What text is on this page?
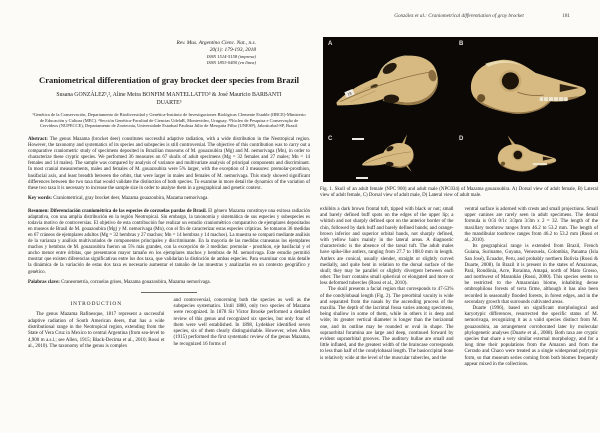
González et al.: Craniometrical differentiation of gray brocket	181
Rev. Mus. Argentino Cienc. Nat., n.s.
20(1): 179-193, 2018
ISSN 1514-5158 (impresa)
ISSN 1853-0400 (en línea)
Craniometrical differentiation of gray brocket deer species from Brazil
Susana GONZÁLEZ¹,², Aline Meira BONFIM MANTELLATTO³ & José Mauricio BARBANTI DUARTE³
¹Genética de la Conservación, Departamento de Biodiversidad y Genética-Instituto de Investigaciones Biológicas Clemente Estable (IIBCE)-Ministerio de Educación y Cultura (MEC). ²Sección Genética-Facultad de Ciencias UdelaR, Montevideo, Uruguay. ³Núcleo de Pesquisa e Conservação de Cervídeos (NUPECCE), Departamento de Zootecnia, Universidade Estadual Paulista Júlio de Mesquita Filho (UNESP), Jaboticabal-SP, Brazil.

Abstract: The genus Mazama (brocket deer) constitutes successful adaptive radiation, with a wide distribution in the Neotropical region. However, the taxonomy and systematics of its species and subspecies is still controversial. The objective of this contribution was to carry out a comparative craniometric study of specimens deposited in Brazilian museums of M. gouazoubira (Mg) and M. nemorivaga (Mn), in order to characterize these cryptic species. We performed 36 measures on 67 skulls of adult specimens (Mg = 32 females and 27 males; Mn = 14 females and 14 males). The sample was compared by analysis of variance and multivariate analysis of principal components and discriminant. In most cranial measurements, males and females of M. gouazoubira were 5% larger, with the exception of 3 measures: premolar-prosthion, basifacial axis, and least breadth between the orbits, that were larger in males and females of M. nemorivaga. This study showed significant differences between the two taxa that would validate the distinction of both species. To examine in more detail the dynamics of the variation of these two taxa it is necessary to increase the sample size in order to analyse them in a geographical and genetic context.

Key words: Craniometrical, gray brocket deer, Mazama gouazoubira, Mazama nemorivaga.

Resumen: Diferenciación craniométrica de las especies de corzuelas pardas de Brasil. El género Mazama constituye una exitosa radiación adaptativa, con una amplia distribución en la región Neotropical. Sin embargo, la taxonomía y sistemática de sus especies y subespecies es todavía motivo de controversias. El objetivo de esta contribución fue realizar un estudio craniométrico comparativo de ejemplares depositados en museos de Brasil de M. gouazoubira (Mg) y M. nemorivaga (Mn), con el fin de caracterizar estas especies crípticas. Se tomaron 36 medidas en 67 cráneos de ejemplares adultos (Mg = 32 hembras y 27 machos; Mn = 14 hembras y 14 machos). La muestra se comparó mediante análisis de la varianza y análisis multivariados de componentes principales y discriminante. En la mayoría de las medidas craneanas los ejemplares machos y hembras de M. gouazoubira fueron un 5% más grandes, con la excepción de 3 medidas: premolar - prosthion, eje basifacial y el ancho menor entre órbitas, que presentaron mayor tamaño en los ejemplares machos y hembras de M. nemorivaga. Este estudio permitió mostrar que existen diferencias significativas entre los dos taxa, que validarían la distinción de ambas especies. Para examinar con más detalle la dinámica de la variación de estas dos taxa es necesario aumentar el tamaño de las muestras y analizarlas en un contexto geográfico y genético.

Palabras clave: Craneometría, corzuelas grises, Mazama gouazoubira, Mazama nemorivaga.

INTRODUCTION

The genus Mazama Rafinesque, 1817 represent a successful adaptive radiation of South American deers, that has a wide distributional range in the Neotropical region, extending from the State of Vera Cruz in Mexico to central Argentina (from sea-level to 4,900 m a.s.l.; see Allen, 1915; Black-Decima et al., 2010; Rossi et al., 2010). The taxonomy of the genus is complex

and controversial, concerning both the species as well as the subspecies systematics. Until 1880, only two species of Mazama were recognized. In 1878 Sir Victor Brooke performed a detailed review of this genus and recognized six species, but only four of them were well established. In 1898, Lydekker identified seven species, six of them clearly distinguishable. However, when Allen (1915) performed the first systematic review of the genus Mazama, he recognized 16 forms of

18
A	B
C	D

Fig. 1. Skull of an adult female (NPC 900) and adult male (NPC034) of Mazama gouazoubira. A) Dorsal view of adult female, B) Lateral view of adult female, C) Dorsal view of adult male, D) Lateral view of adult male.

exhibits a dark brown frontal tuft, tipped with black or not; small and barely defined buff spots on the edges of the upper lip; a whitish and not sharply defined spot on the anterior border of the chin, followed by dark buff and barely defined bands; and orange-brown inferior and superior orbital bands, not sharply defined, with yellow hairs mainly in the lateral areas. A diagnostic characteristic is the absence of the tarsal tuft. The adult males have spike-like antlers, ranging from 27.7 to 108.0 mm in length. Antlers are conical, usually slender, straight or slightly curved medially, and quite bent in relation to the dorsal surface of the skull; they may be parallel or slightly divergent between each other. The burr contains small spherical or elongated and more or less deformed tubercles (Rossi et al., 2010).

The skull presents a facial region that corresponds to 47-53% of the condylobasal length (Fig. 2). The preorbital vacuity is wide and separated from the nasals by the ascending process of the maxilla. The depth of the lacrimal fossa varies among specimens, being shallow in some of them, while in others it is deep and wide; its greater vertical diameter is longer than the horizontal one, and its outline may be rounded or oval in shape. The supraorbital foramina are large and deep, continued forward by evident supraorbital grooves. The auditory bullae are small and little inflated, and the greatest width of the braincase corresponds to less than half of the condylobasal length. The basioccipital bone is relatively wide at the level of the muscular tubercles, and the

ventral surface is adorned with crests and small projections. Small upper canines are rarely seen in adult specimens. The dental formula is 0/3i 0/1c 3/3pm 3/3m x 2 = 32. The length of the maxillary toothrow ranges from 46.2 to 53.2 mm. The length of the mandibular toothrow ranges from 46.2 to 53.2 mm (Rossi et al., 2010).

Its geographical range is extended from Brazil, French Guiana, Suriname, Guyana, Venezuela, Colombia, Panama (Isla San José), Ecuador, Peru, and probably northern Bolivia (Rossi & Duarte, 2008). In Brazil it is present in the states of Amazonas, Pará, Rondônia, Acre, Roraima, Amapá, north of Mato Grosso, and northwest of Maranhão (Rossi, 2000). This species seems to be restricted to the Amazonian biome, inhabiting dense ombrophilous forests of terra firme, although it has also been recorded in seasonally flooded forests, in forest edges, and in the secondary growth that surrounds cultivated areas.

Duarte (1996), based on significant morphological and karyotypic differences, resurrected the specific status of M. nemorivaga, recognizing it as a valid species distinct from M. gouazoubira, an arrangement corroborated later by molecular phylogenetic analyses (Duarte et al., 2008). Both taxa are cryptic species that share a very similar external morphology, and for a long time their populations from the Amazon and from the Cerrado and Chaco were treated as a single widespread polytypic form, so that museum series coming from both biomes frequently appear mixed in the collections.
